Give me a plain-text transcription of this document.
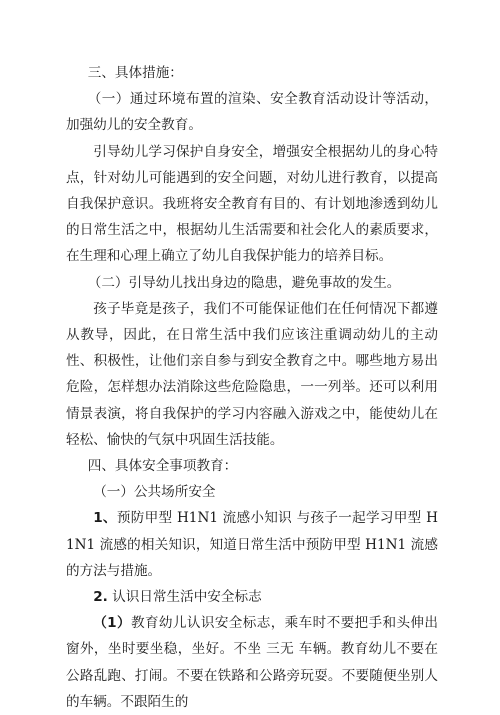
三、具体措施：

（一）通过环境布置的渲染、安全教育活动设计等活动，加强幼儿的安全教育。

引导幼儿学习保护自身安全，增强安全根据幼儿的身心特点，针对幼儿可能遇到的安全问题，对幼儿进行教育，以提高自我保护意识。我班将安全教育有目的、有计划地渗透到幼儿的日常生活之中，根据幼儿生活需要和社会化人的素质要求，在生理和心理上确立了幼儿自我保护能力的培养目标。

（二）引导幼儿找出身边的隐患，避免事故的发生。

孩子毕竟是孩子，我们不可能保证他们在任何情况下都遵从教导，因此，在日常生活中我们应该注重调动幼儿的主动性、积极性，让他们亲自参与到安全教育之中。哪些地方易出危险，怎样想办法消除这些危险隐患，一一列举。还可以利用情景表演，将自我保护的学习内容融入游戏之中，能使幼儿在轻松、愉快的气氛中巩固生活技能。

四、具体安全事项教育：

（一）公共场所安全

1、预防甲型 H1N1 流感小知识 与孩子一起学习甲型 H1N1 流感的相关知识，知道日常生活中预防甲型 H1N1 流感的方法与措施。

2. 认识日常生活中安全标志

（1）教育幼儿认识安全标志，乘车时不要把手和头伸出窗外，坐时要坐稳，坐好。不坐 三无 车辆。教育幼儿不要在公路乱跑、打闹。不要在铁路和公路旁玩耍。不要随便坐别人的车辆。不跟陌生的
